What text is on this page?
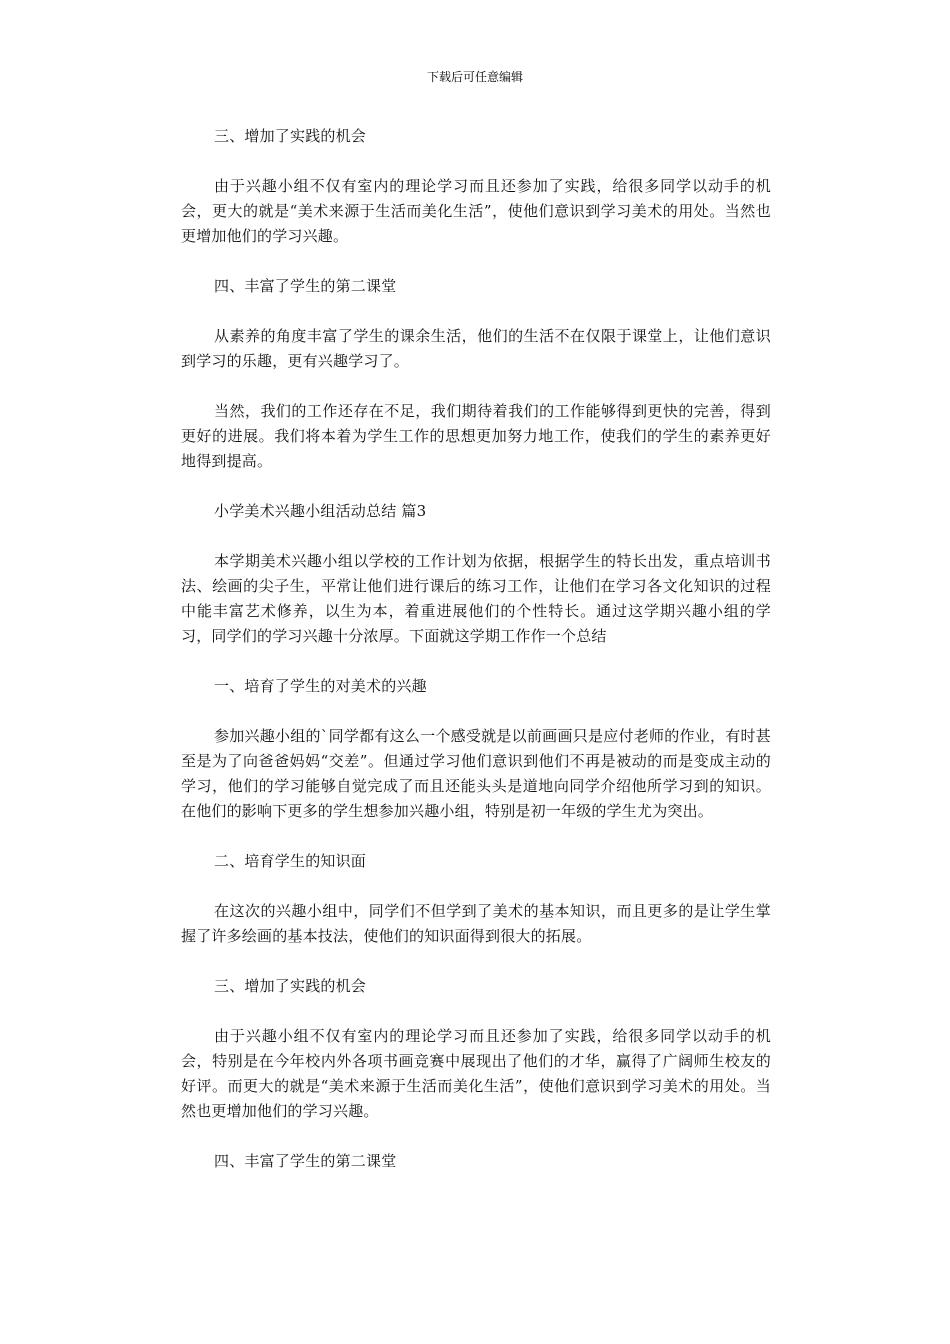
下载后可任意编辑

三、增加了实践的机会

由于兴趣小组不仅有室内的理论学习而且还参加了实践，给很多同学以动手的机会，更大的就是“美术来源于生活而美化生活”，使他们意识到学习美术的用处。当然也更增加他们的学习兴趣。

四、丰富了学生的第二课堂

从素养的角度丰富了学生的课余生活，他们的生活不在仅限于课堂上，让他们意识到学习的乐趣，更有兴趣学习了。

当然，我们的工作还存在不足，我们期待着我们的工作能够得到更快的完善，得到更好的进展。我们将本着为学生工作的思想更加努力地工作，使我们的学生的素养更好地得到提高。

小学美术兴趣小组活动总结 篇3

本学期美术兴趣小组以学校的工作计划为依据，根据学生的特长出发，重点培训书法、绘画的尖子生，平常让他们进行课后的练习工作，让他们在学习各文化知识的过程中能丰富艺术修养，以生为本，着重进展他们的个性特长。通过这学期兴趣小组的学习，同学们的学习兴趣十分浓厚。下面就这学期工作作一个总结

一、培育了学生的对美术的兴趣

参加兴趣小组的`同学都有这么一个感受就是以前画画只是应付老师的作业，有时甚至是为了向爸爸妈妈“交差”。但通过学习他们意识到他们不再是被动的而是变成主动的学习，他们的学习能够自觉完成了而且还能头头是道地向同学介绍他所学习到的知识。在他们的影响下更多的学生想参加兴趣小组，特别是初一年级的学生尤为突出。

二、培育学生的知识面

在这次的兴趣小组中，同学们不但学到了美术的基本知识，而且更多的是让学生掌握了许多绘画的基本技法，使他们的知识面得到很大的拓展。

三、增加了实践的机会

由于兴趣小组不仅有室内的理论学习而且还参加了实践，给很多同学以动手的机会，特别是在今年校内外各项书画竞赛中展现出了他们的才华，赢得了广阔师生校友的好评。而更大的就是“美术来源于生活而美化生活”，使他们意识到学习美术的用处。当然也更增加他们的学习兴趣。

四、丰富了学生的第二课堂
